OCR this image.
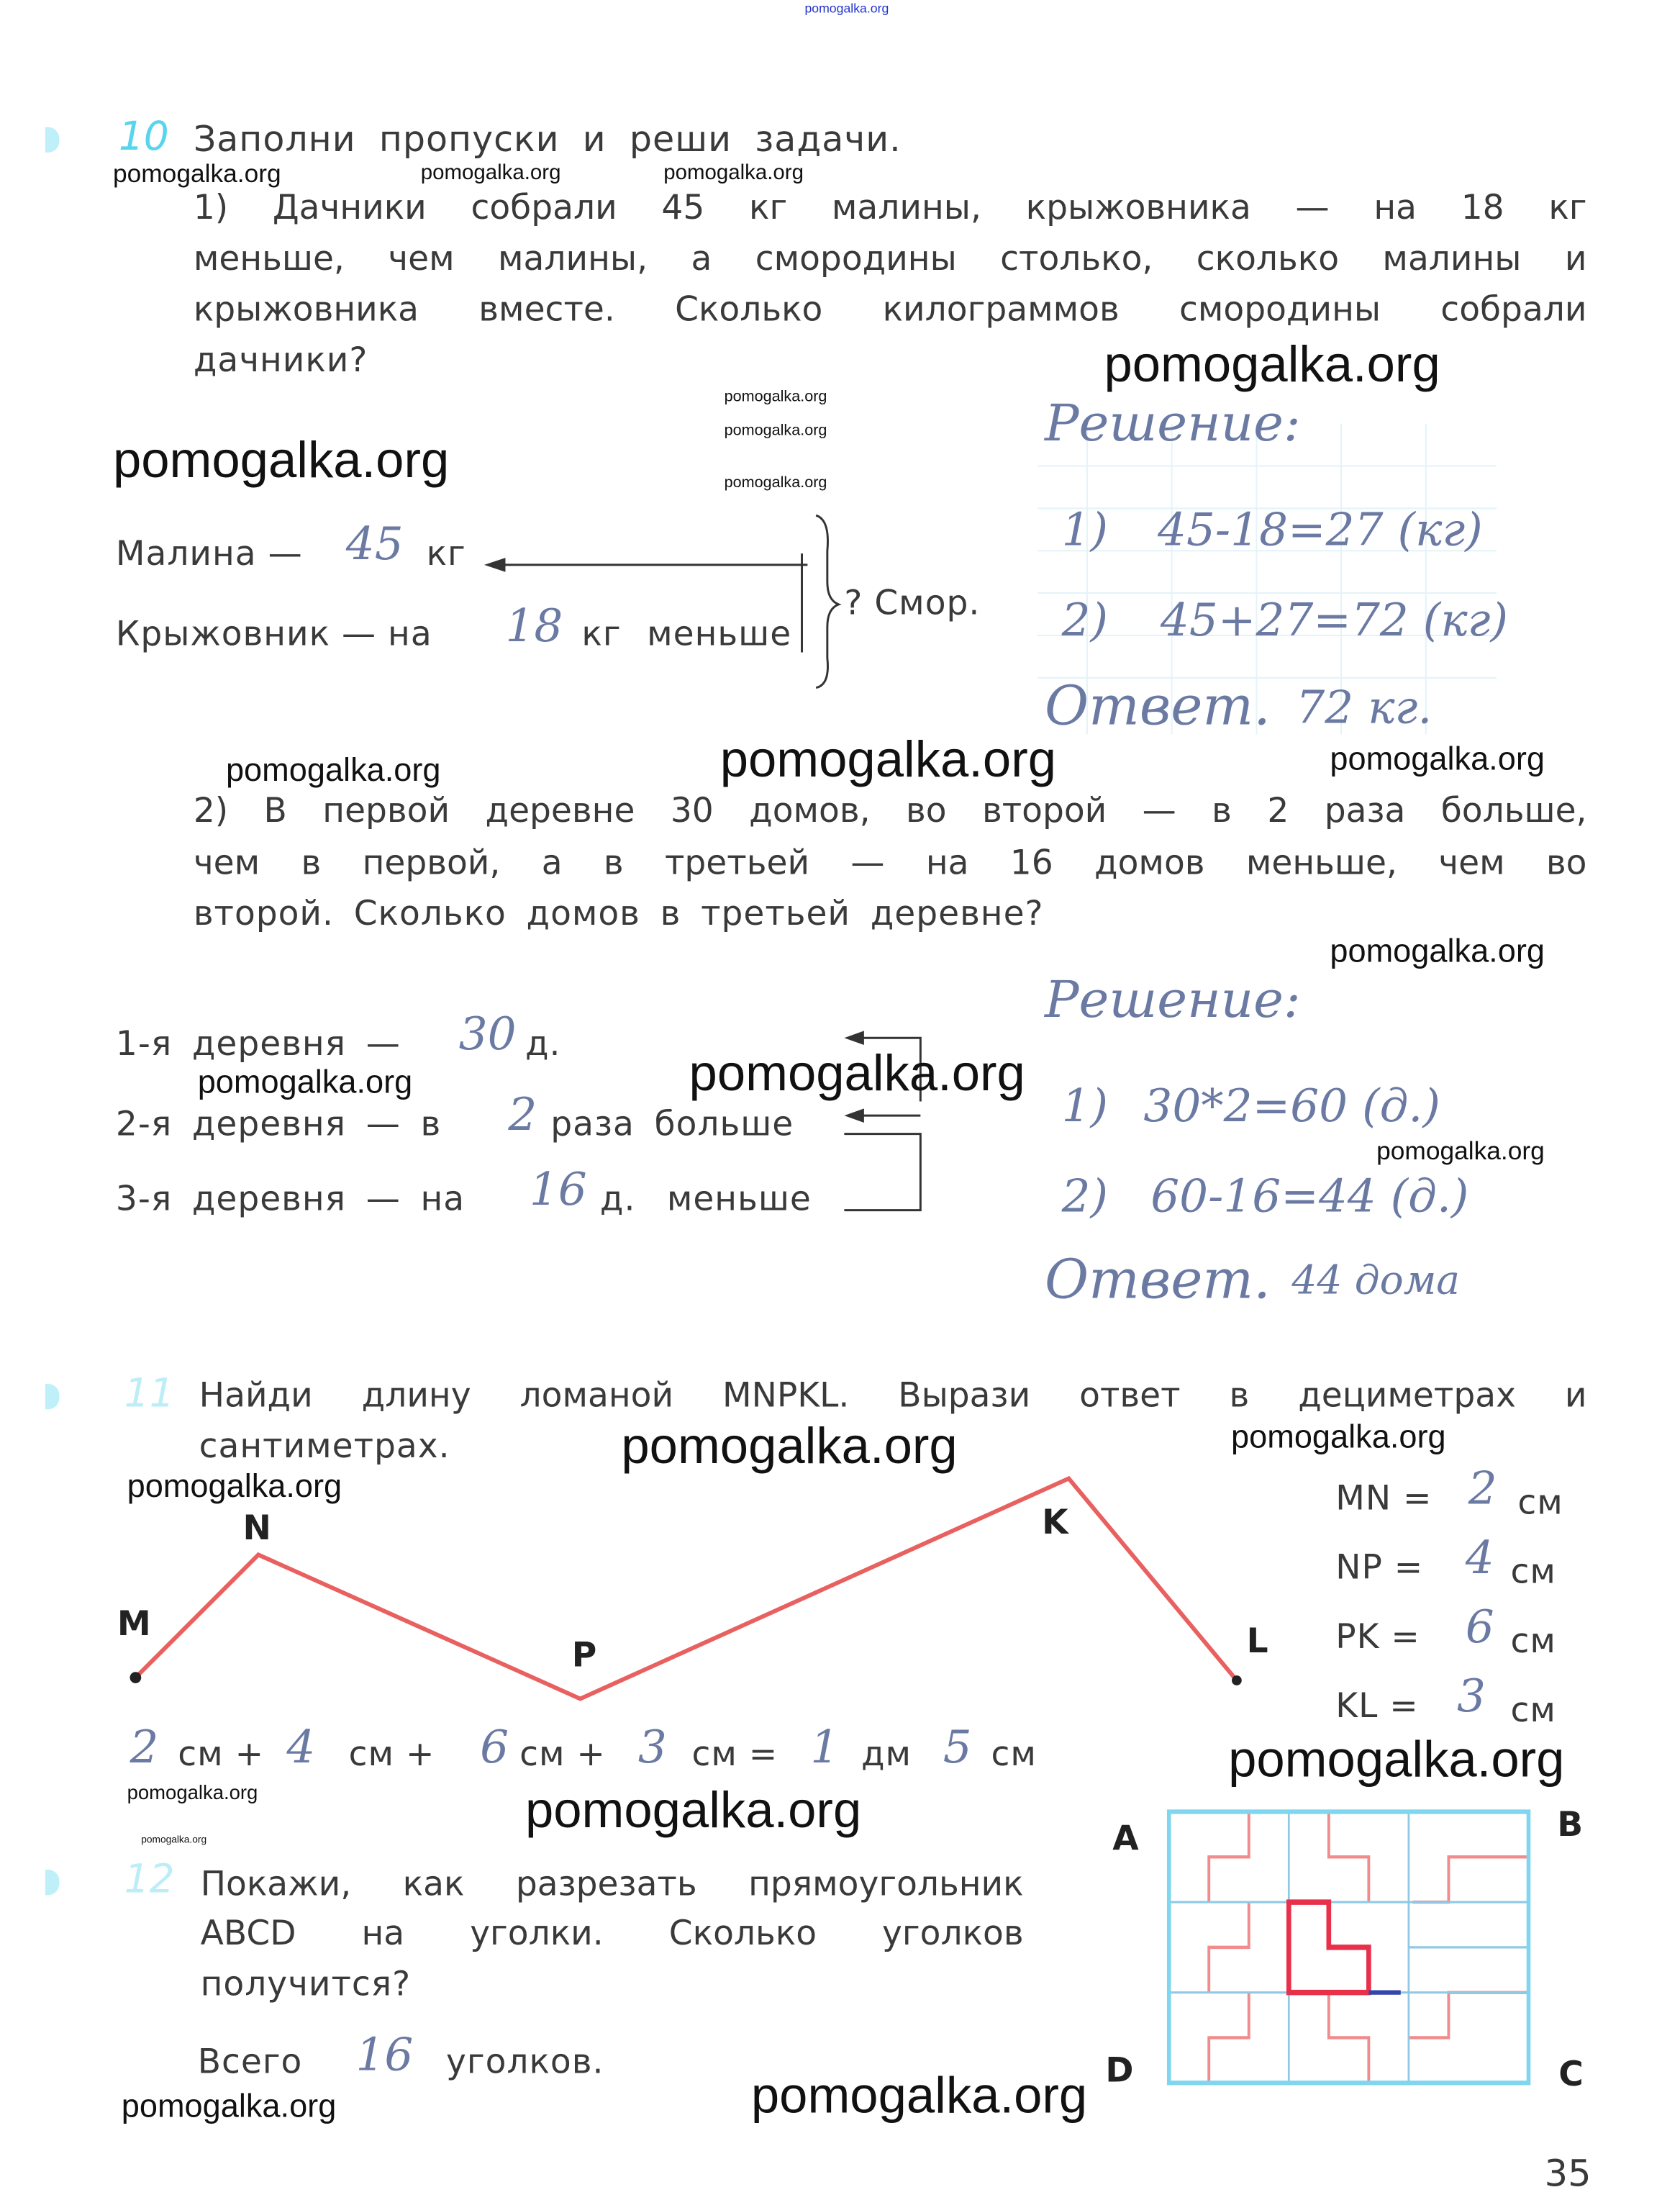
10 Заполни пропуски и реши задачи.
1) Дачники собрали 45 кг малины, крыжовника — на 18 кг
меньше, чем малины, а смородины столько, сколько малины и
крыжовника вместе. Сколько килограммов смородины собрали
дачники?
Малина — 45 кг
Крыжовник — на	18 кг меньше
? Смор.
Решение:
1) 45-18=27 (кг)
2) 45+27=72 (кг)
Ответ. 72 кг.
2) В первой деревне 30 домов, во второй — в 2 раза больше,
чем в первой, а в третьей — на 16 домов меньше, чем во
второй. Сколько домов в третьей деревне?
1-я деревня —	30 д.
2-я деревня — в	2 раза больше
3-я деревня — на	16 д. меньше
Решение:
1) 30*2=60 (д.)
2) 60-16=44 (д.)
Ответ. 44 дома
11 Найди длину ломаной MNPKL. Вырази ответ в дециметрах и
сантиметрах.
M
N
P
K
L
MN = 2 см
NP = 4 см
PK = 6 см
KL = 3 см
2 см + 4 см + 6 см + 3 см = 1 дм 5 см
12 Покажи, как разрезать прямоугольник
ABCD на уголки. Сколько уголков
получится?
Всего 16 уголков.
A	B
C
D
35
pomogalka.org
pomogalka.org	pomogalka.org	pomogalka.org
pomogalka.org
pomogalka.org
pomogalka.org
pomogalka.org	pomogalka.org
pomogalka.org
pomogalka.org	pomogalka.org
pomogalka.org
pomogalka.org	pomogalka.org
pomogalka.org
pomogalka.org	pomogalka.org
pomogalka.org
pomogalka.org
pomogalka.org	pomogalka.org
pomogalka.org
pomogalka.org	pomogalka.org
